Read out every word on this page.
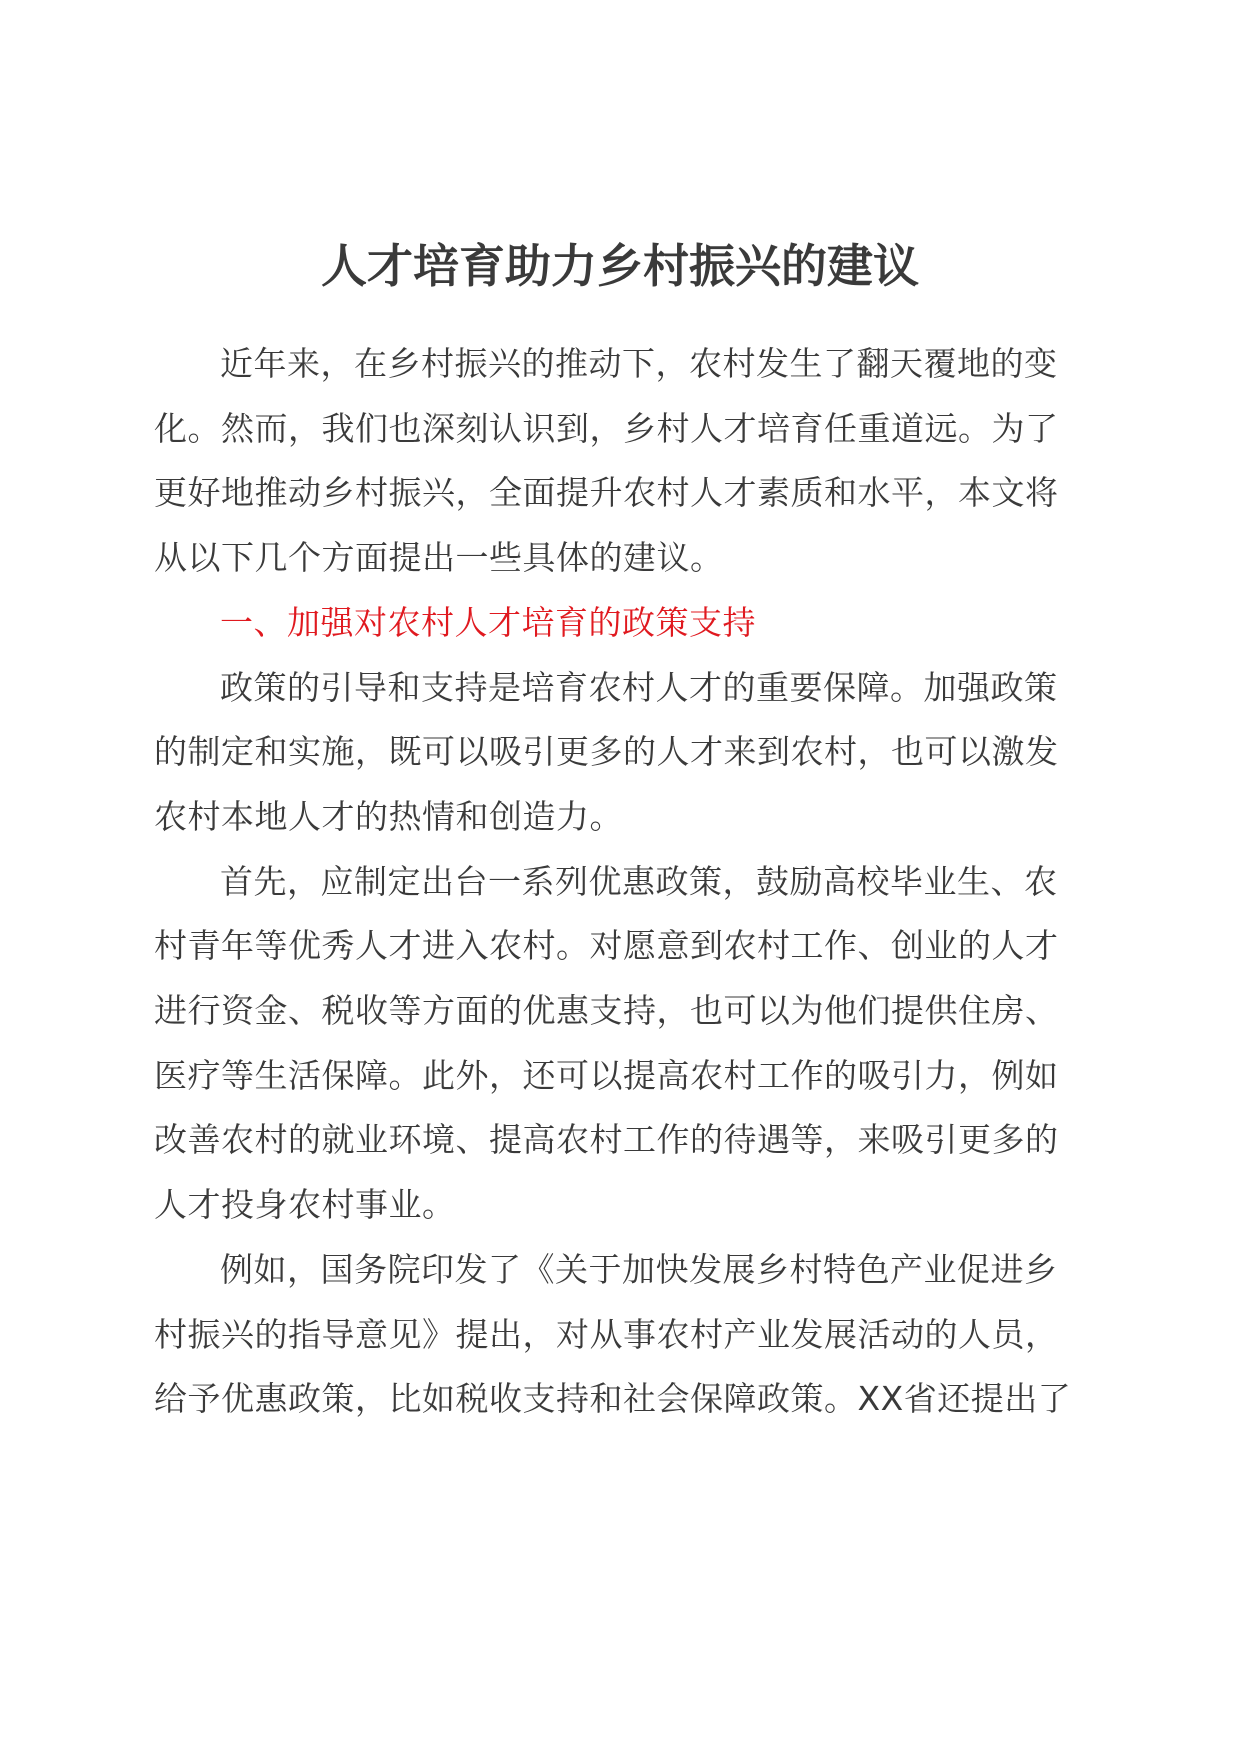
人才培育助力乡村振兴的建议

近年来，在乡村振兴的推动下，农村发生了翻天覆地的变化。然而，我们也深刻认识到，乡村人才培育任重道远。为了更好地推动乡村振兴，全面提升农村人才素质和水平，本文将从以下几个方面提出一些具体的建议。

一、加强对农村人才培育的政策支持

政策的引导和支持是培育农村人才的重要保障。加强政策的制定和实施，既可以吸引更多的人才来到农村，也可以激发农村本地人才的热情和创造力。

首先，应制定出台一系列优惠政策，鼓励高校毕业生、农村青年等优秀人才进入农村。对愿意到农村工作、创业的人才进行资金、税收等方面的优惠支持，也可以为他们提供住房、医疗等生活保障。此外，还可以提高农村工作的吸引力，例如改善农村的就业环境、提高农村工作的待遇等，来吸引更多的人才投身农村事业。

例如，国务院印发了《关于加快发展乡村特色产业促进乡村振兴的指导意见》提出，对从事农村产业发展活动的人员，给予优惠政策，比如税收支持和社会保障政策。XX省还提出了
